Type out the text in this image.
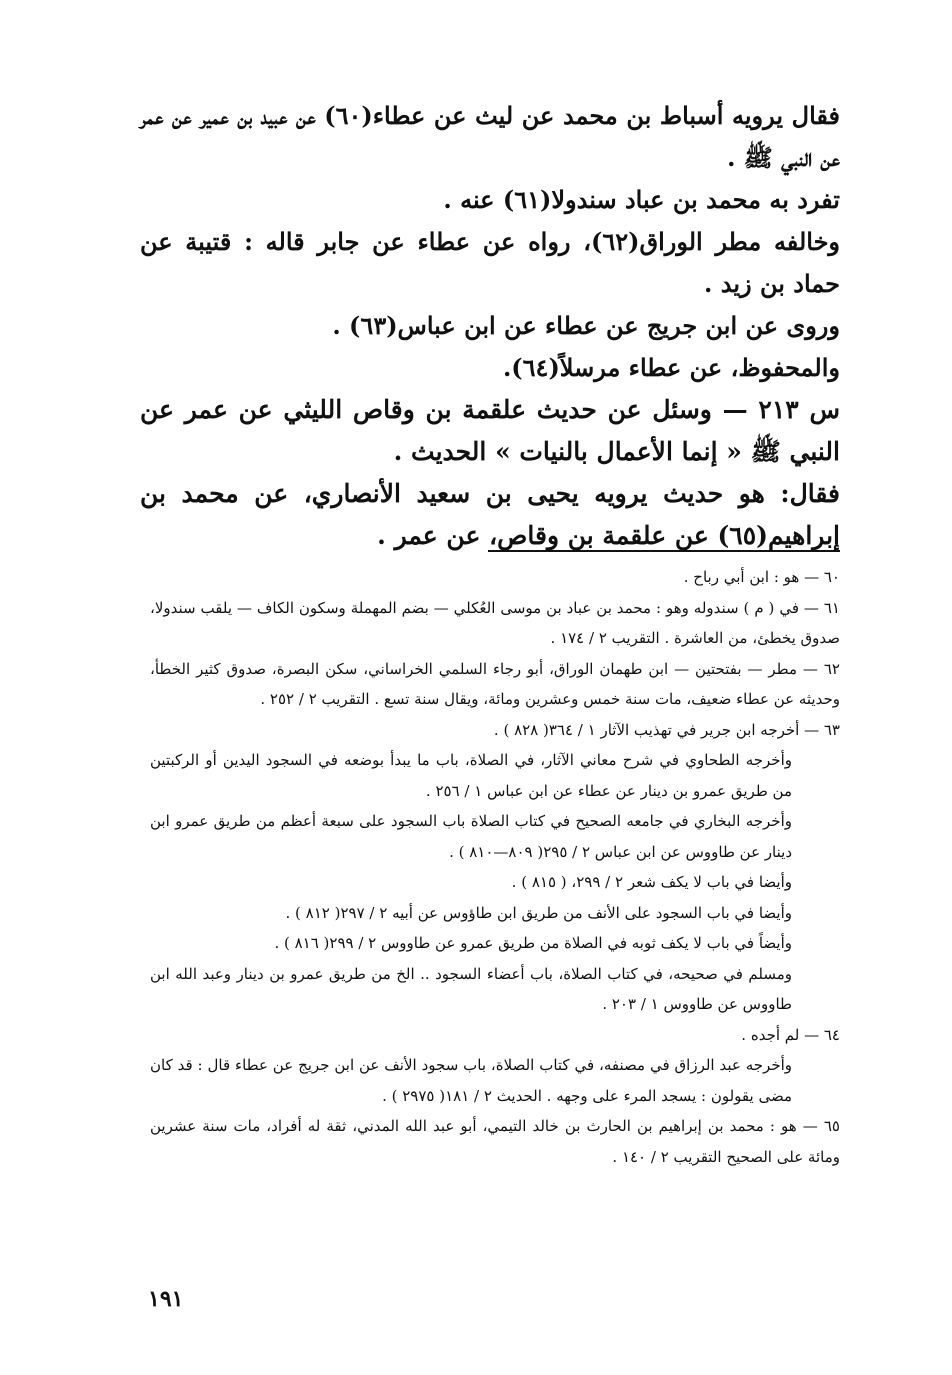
فقال يرويه أسباط بن محمد عن ليث عن عطاء(٦٠) عن عبيد بن عمير عن عمر عن النبي ﷺ .

تفرد به محمد بن عباد سندولا(٦١) عنه .

وخالفه مطر الوراق(٦٢)، رواه عن عطاء عن جابر قاله : قتيبة عن حماد بن زيد .

وروى عن ابن جريج عن عطاء عن ابن عباس(٦٣) .

والمحفوظ، عن عطاء مرسلاً(٦٤).

س ٢١٣ — وسئل عن حديث علقمة بن وقاص الليثي عن عمر عن النبي ﷺ « إنما الأعمال بالنيات » الحديث .

فقال: هو حديث يرويه يحيى بن سعيد الأنصاري، عن محمد بن إبراهيم(٦٥) عن علقمة بن وقاص، عن عمر .

٦٠ — هو : ابن أبي رباح .

٦١ — في ( م ) سندوله وهو : محمد بن عباد بن موسى العُكلي — بضم المهملة وسكون الكاف — يلقب سندولا، صدوق يخطئ، من العاشرة . التقريب ٢ / ١٧٤ .

٦٢ — مطر — بفتحتين — ابن طهمان الوراق، أبو رجاء السلمي الخراساني، سكن البصرة، صدوق كثير الخطأ، وحديثه عن عطاء ضعيف، مات سنة خمس وعشرين ومائة، ويقال سنة تسع . التقريب ٢ / ٢٥٢ .

٦٣ — أخرجه ابن جرير في تهذيب الآثار ١ / ٣٦٤( ٨٢٨ ) .

وأخرجه الطحاوي في شرح معاني الآثار، في الصلاة، باب ما يبدأ بوضعه في السجود اليدين أو الركبتين من طريق عمرو بن دينار عن عطاء عن ابن عباس ١ / ٢٥٦ .

وأخرجه البخاري في جامعه الصحيح في كتاب الصلاة باب السجود على سبعة أعظم من طريق عمرو ابن دينار عن طاووس عن ابن عباس ٢ / ٢٩٥( ٨٠٩—٨١٠ ) .

وأيضا في باب لا يكف شعر ٢ / ٢٩٩، ( ٨١٥ ) .

وأيضا في باب السجود على الأنف من طريق ابن طاؤوس عن أبيه ٢ / ٢٩٧( ٨١٢ ) .

وأيضاً في باب لا يكف ثوبه في الصلاة من طريق عمرو عن طاووس ٢ / ٢٩٩( ٨١٦ ) .

ومسلم في صحيحه، في كتاب الصلاة، باب أعضاء السجود .. الخ من طريق عمرو بن دينار وعبد الله ابن طاووس عن طاووس ١ / ٢٠٣ .

٦٤ — لم أجده .

وأخرجه عبد الرزاق في مصنفه، في كتاب الصلاة، باب سجود الأنف عن ابن جريج عن عطاء قال : قد كان مضى يقولون : يسجد المرء على وجهه . الحديث ٢ / ١٨١( ٢٩٧٥ ) .

٦٥ — هو : محمد بن إبراهيم بن الحارث بن خالد التيمي، أبو عبد الله المدني، ثقة له أفراد، مات سنة عشرين ومائة على الصحيح التقريب ٢ / ١٤٠ .

١٩١
